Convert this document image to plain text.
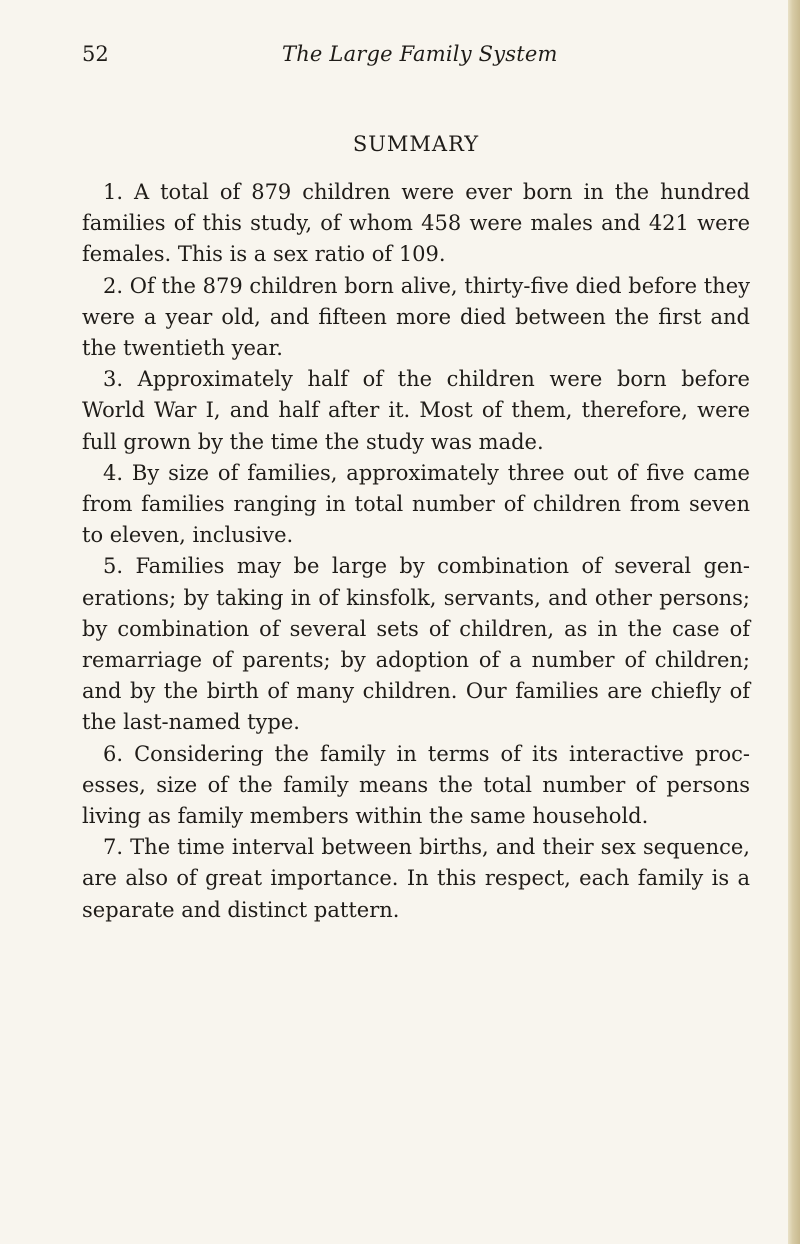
52	The Large Family System
SUMMARY

1. A total of 879 children were ever born in the hundred families of this study, of whom 458 were males and 421 were females. This is a sex ratio of 109.

2. Of the 879 children born alive, thirty-five died before they were a year old, and fifteen more died between the first and the twentieth year.

3. Approximately half of the children were born before World War I, and half after it. Most of them, therefore, were full grown by the time the study was made.

4. By size of families, approximately three out of five came from families ranging in total number of children from seven to eleven, inclusive.

5. Families may be large by combination of several generations; by taking in of kinsfolk, servants, and other persons; by combination of several sets of children, as in the case of remarriage of parents; by adoption of a number of children; and by the birth of many children. Our families are chiefly of the last-named type.

6. Considering the family in terms of its interactive processes, size of the family means the total number of persons living as family members within the same household.

7. The time interval between births, and their sex sequence, are also of great importance. In this respect, each family is a separate and distinct pattern.
